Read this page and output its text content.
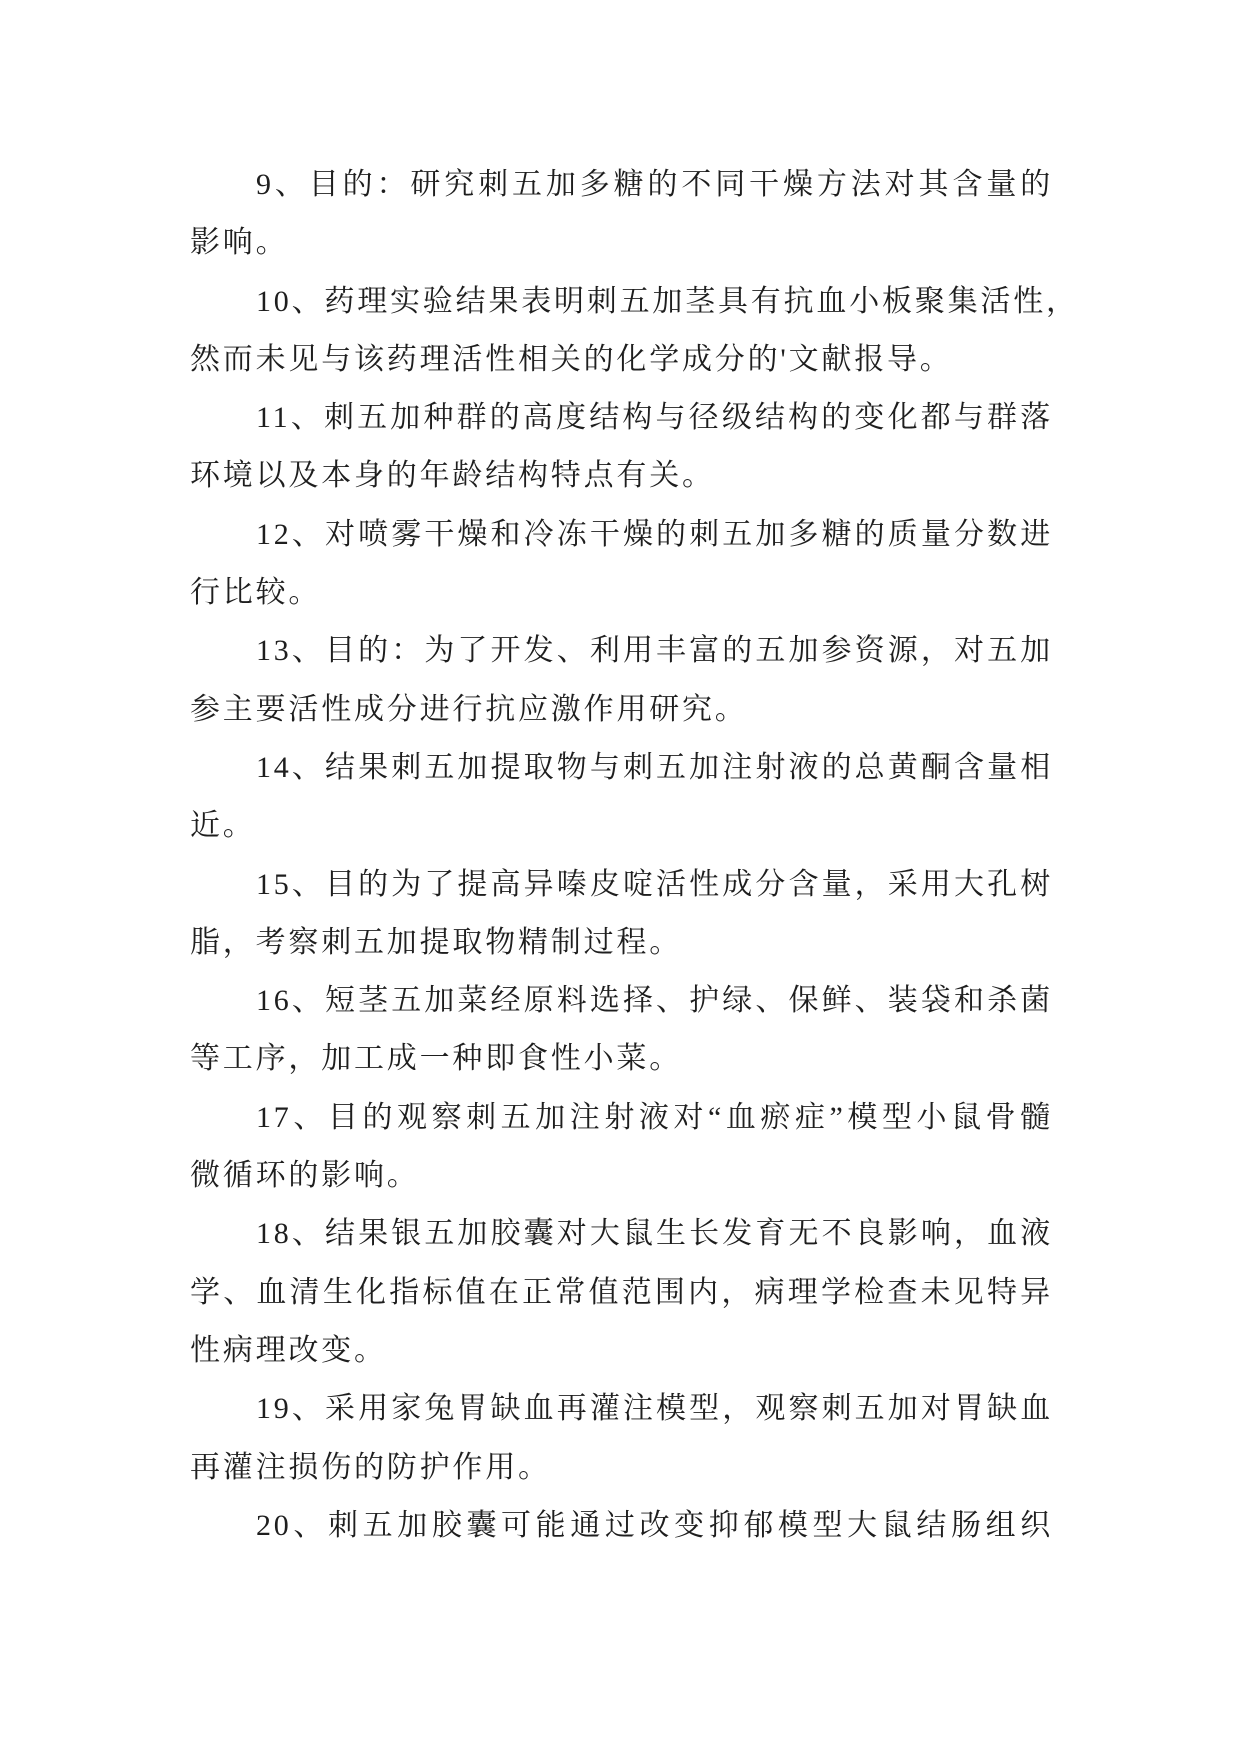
9、目的：研究刺五加多糖的不同干燥方法对其含量的
影响。
10、药理实验结果表明刺五加茎具有抗血小板聚集活性，
然而未见与该药理活性相关的化学成分的'文献报导。
11、刺五加种群的高度结构与径级结构的变化都与群落
环境以及本身的年龄结构特点有关。
12、对喷雾干燥和冷冻干燥的刺五加多糖的质量分数进
行比较。
13、目的：为了开发、利用丰富的五加参资源，对五加
参主要活性成分进行抗应激作用研究。
14、结果刺五加提取物与刺五加注射液的总黄酮含量相
近。
15、目的为了提高异嗪皮啶活性成分含量，采用大孔树
脂，考察刺五加提取物精制过程。
16、短茎五加菜经原料选择、护绿、保鲜、装袋和杀菌
等工序，加工成一种即食性小菜。
17、目的观察刺五加注射液对“血瘀症”模型小鼠骨髓
微循环的影响。
18、结果银五加胶囊对大鼠生长发育无不良影响，血液
学、血清生化指标值在正常值范围内，病理学检查未见特异
性病理改变。
19、采用家兔胃缺血再灌注模型，观察刺五加对胃缺血
再灌注损伤的防护作用。
20、刺五加胶囊可能通过改变抑郁模型大鼠结肠组织
